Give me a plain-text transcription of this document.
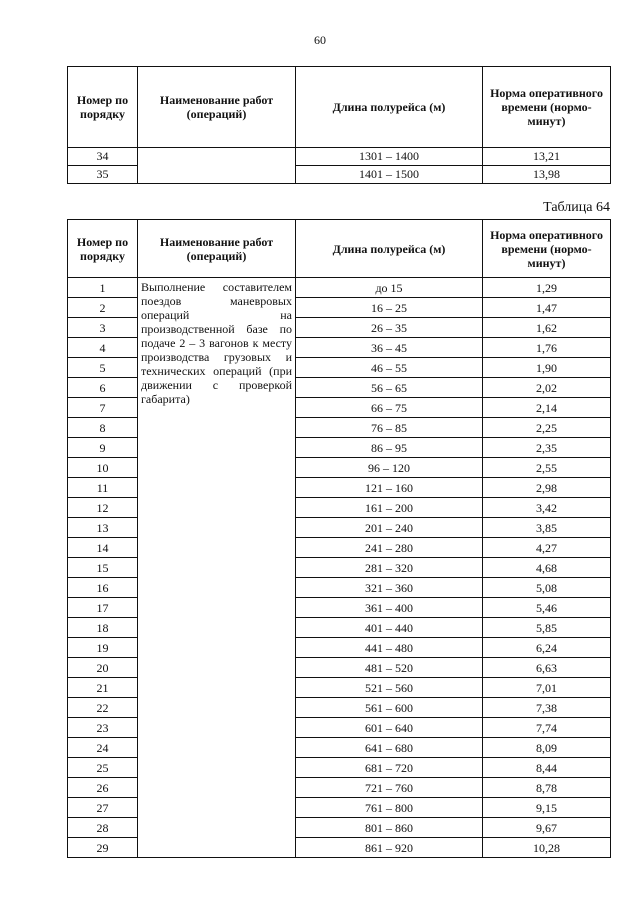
60
Номер по порядку	Наименование работ (операций)	Длина полурейса (м)	Норма оперативного времени (нормо-минут)
34		1301 – 1400	13,21
35		1401 – 1500	13,98
Таблица 64
Номер по порядку	Наименование работ (операций)	Длина полурейса (м)	Норма оперативного времени (нормо-минут)
1	Выполнение составителем поездов маневровых операций на производственной базе по подаче 2 – 3 вагонов к месту производства грузовых и технических операций (при движении с проверкой габарита)	до 15	1,29
2		16 – 25	1,47
3		26 – 35	1,62
4		36 – 45	1,76
5		46 – 55	1,90
6		56 – 65	2,02
7		66 – 75	2,14
8		76 – 85	2,25
9		86 – 95	2,35
10		96 – 120	2,55
11		121 – 160	2,98
12		161 – 200	3,42
13		201 – 240	3,85
14		241 – 280	4,27
15		281 – 320	4,68
16		321 – 360	5,08
17		361 – 400	5,46
18		401 – 440	5,85
19		441 – 480	6,24
20		481 – 520	6,63
21		521 – 560	7,01
22		561 – 600	7,38
23		601 – 640	7,74
24		641 – 680	8,09
25		681 – 720	8,44
26		721 – 760	8,78
27		761 – 800	9,15
28		801 – 860	9,67
29		861 – 920	10,28
